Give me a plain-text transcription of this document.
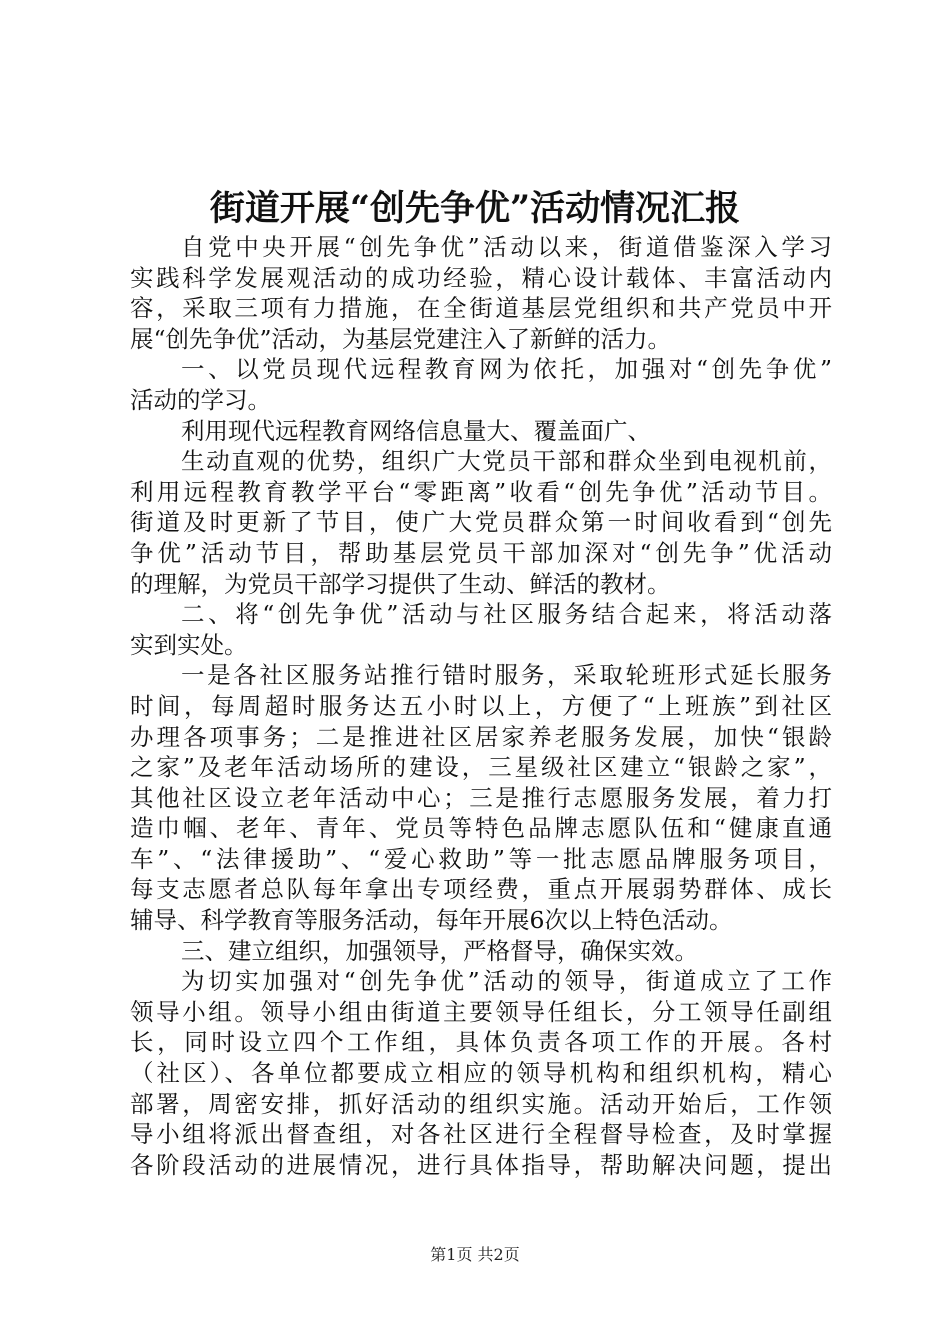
街道开展“创先争优”活动情况汇报
自党中央开展“创先争优”活动以来，街道借鉴深入学习
实践科学发展观活动的成功经验，精心设计载体、丰富活动内
容，采取三项有力措施，在全街道基层党组织和共产党员中开
展“创先争优”活动，为基层党建注入了新鲜的活力。
一、以党员现代远程教育网为依托，加强对“创先争优”
活动的学习。
利用现代远程教育网络信息量大、覆盖面广、
生动直观的优势，组织广大党员干部和群众坐到电视机前，
利用远程教育教学平台“零距离”收看“创先争优”活动节目。
街道及时更新了节目，使广大党员群众第一时间收看到“创先
争优”活动节目，帮助基层党员干部加深对“创先争”优活动
的理解，为党员干部学习提供了生动、鲜活的教材。
二、将“创先争优”活动与社区服务结合起来，将活动落
实到实处。
一是各社区服务站推行错时服务，采取轮班形式延长服务
时间，每周超时服务达五小时以上，方便了“上班族”到社区
办理各项事务；二是推进社区居家养老服务发展，加快“银龄
之家”及老年活动场所的建设，三星级社区建立“银龄之家”，
其他社区设立老年活动中心；三是推行志愿服务发展，着力打
造巾帼、老年、青年、党员等特色品牌志愿队伍和“健康直通
车”、“法律援助”、“爱心救助”等一批志愿品牌服务项目，
每支志愿者总队每年拿出专项经费，重点开展弱势群体、成长
辅导、科学教育等服务活动，每年开展6次以上特色活动。
三、建立组织，加强领导，严格督导，确保实效。
为切实加强对“创先争优”活动的领导，街道成立了工作
领导小组。领导小组由街道主要领导任组长，分工领导任副组
长，同时设立四个工作组，具体负责各项工作的开展。各村
（社区）、各单位都要成立相应的领导机构和组织机构，精心
部署，周密安排，抓好活动的组织实施。活动开始后，工作领
导小组将派出督查组，对各社区进行全程督导检查，及时掌握
各阶段活动的进展情况，进行具体指导，帮助解决问题，提出
第1页 共2页
